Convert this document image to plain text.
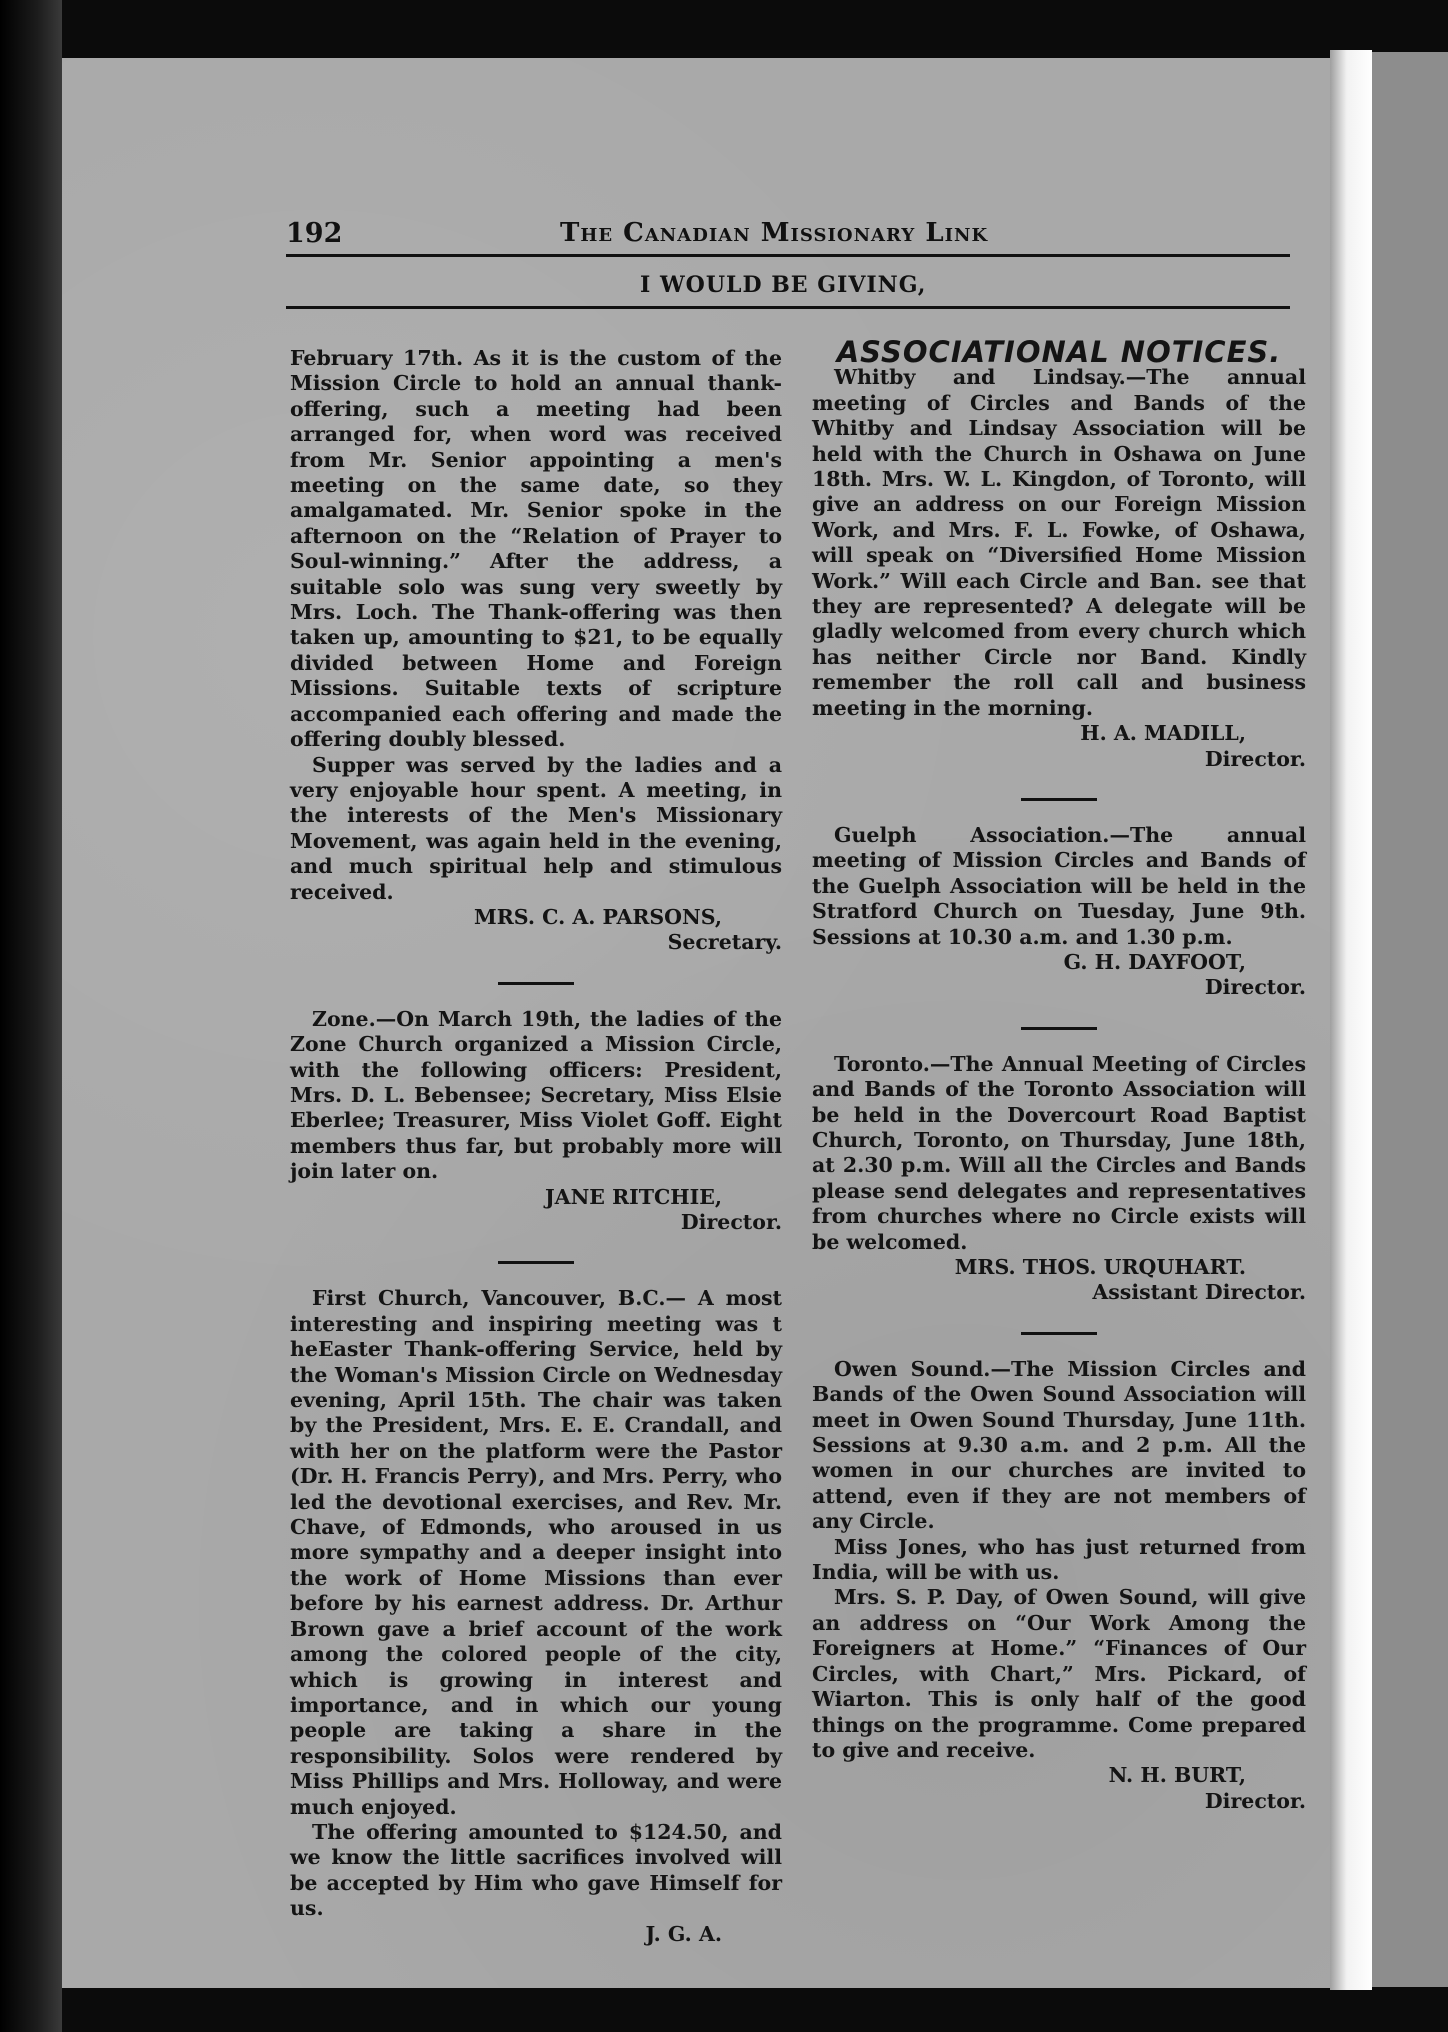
192	The Canadian Missionary Link
I WOULD BE GIVING,

February 17th. As it is the custom of the Mission Circle to hold an annual thank-offering, such a meeting had been arranged for, when word was received from Mr. Senior appointing a men's meeting on the same date, so they amalgamated. Mr. Senior spoke in the afternoon on the “Relation of Prayer to Soul-winning.” After the address, a suitable solo was sung very sweetly by Mrs. Loch. The Thank-offering was then taken up, amounting to $21, to be equally divided between Home and Foreign Missions. Suitable texts of scripture accompanied each offering and made the offering doubly blessed.

Supper was served by the ladies and a very enjoyable hour spent. A meeting, in the interests of the Men's Missionary Movement, was again held in the evening, and much spiritual help and stimulous received.

MRS. C. A. PARSONS,

Secretary.

Zone.—On March 19th, the ladies of the Zone Church organized a Mission Circle, with the following officers: President, Mrs. D. L. Bebensee; Secretary, Miss Elsie Eberlee; Treasurer, Miss Violet Goff. Eight members thus far, but probably more will join later on.

JANE RITCHIE,

Director.

First Church, Vancouver, B.C.— A most interesting and inspiring meeting was t heEaster Thank-offering Service, held by the Woman's Mission Circle on Wednesday evening, April 15th. The chair was taken by the President, Mrs. E. E. Crandall, and with her on the platform were the Pastor (Dr. H. Francis Perry), and Mrs. Perry, who led the devotional exercises, and Rev. Mr. Chave, of Edmonds, who aroused in us more sympathy and a deeper insight into the work of Home Missions than ever before by his earnest address. Dr. Arthur Brown gave a brief account of the work among the colored people of the city, which is growing in interest and importance, and in which our young people are taking a share in the responsibility. Solos were rendered by Miss Phillips and Mrs. Holloway, and were much enjoyed.

The offering amounted to $124.50, and we know the little sacrifices involved will be accepted by Him who gave Himself for us.

J. G. A.

ASSOCIATIONAL NOTICES.

Whitby and Lindsay.—The annual meeting of Circles and Bands of the Whitby and Lindsay Association will be held with the Church in Oshawa on June 18th. Mrs. W. L. Kingdon, of Toronto, will give an address on our Foreign Mission Work, and Mrs. F. L. Fowke, of Oshawa, will speak on “Diversified Home Mission Work.” Will each Circle and Ban. see that they are represented? A delegate will be gladly welcomed from every church which has neither Circle nor Band. Kindly remember the roll call and business meeting in the morning.

H. A. MADILL,

Director.

Guelph Association.—The annual meeting of Mission Circles and Bands of the Guelph Association will be held in the Stratford Church on Tuesday, June 9th. Sessions at 10.30 a.m. and 1.30 p.m.

G. H. DAYFOOT,

Director.

Toronto.—The Annual Meeting of Circles and Bands of the Toronto Association will be held in the Dovercourt Road Baptist Church, Toronto, on Thursday, June 18th, at 2.30 p.m. Will all the Circles and Bands please send delegates and representatives from churches where no Circle exists will be welcomed.

MRS. THOS. URQUHART.

Assistant Director.

Owen Sound.—The Mission Circles and Bands of the Owen Sound Association will meet in Owen Sound Thursday, June 11th. Sessions at 9.30 a.m. and 2 p.m. All the women in our churches are invited to attend, even if they are not members of any Circle.

Miss Jones, who has just returned from India, will be with us.

Mrs. S. P. Day, of Owen Sound, will give an address on “Our Work Among the Foreigners at Home.” “Finances of Our Circles, with Chart,” Mrs. Pickard, of Wiarton. This is only half of the good things on the programme. Come prepared to give and receive.

N. H. BURT,

Director.
